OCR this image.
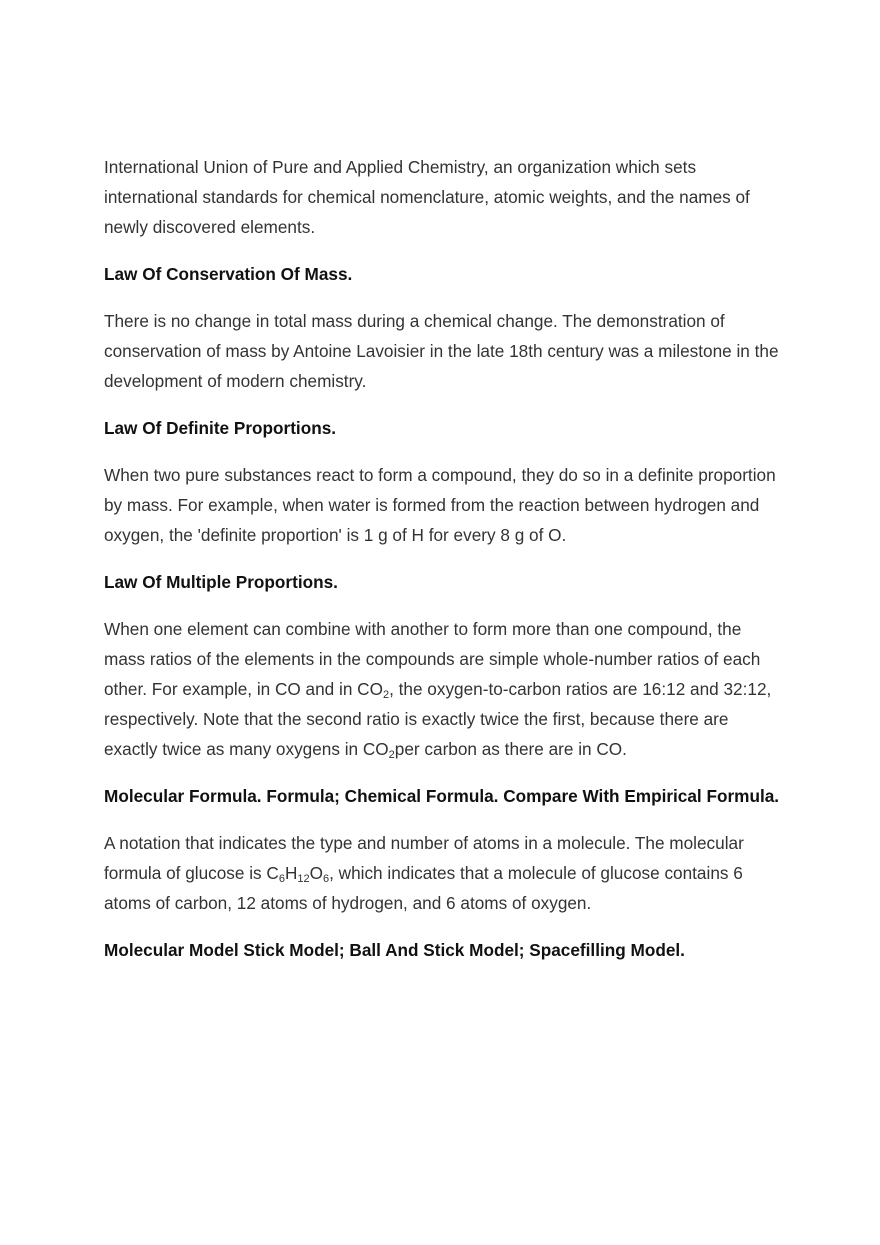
International Union of Pure and Applied Chemistry, an organization which sets international standards for chemical nomenclature, atomic weights, and the names of newly discovered elements.

Law Of Conservation Of Mass.

There is no change in total mass during a chemical change. The demonstration of conservation of mass by Antoine Lavoisier in the late 18th century was a milestone in the development of modern chemistry.

Law Of Definite Proportions.

When two pure substances react to form a compound, they do so in a definite proportion by mass. For example, when water is formed from the reaction between hydrogen and oxygen, the 'definite proportion' is 1 g of H for every 8 g of O.

Law Of Multiple Proportions.

When one element can combine with another to form more than one compound, the mass ratios of the elements in the compounds are simple whole-number ratios of each other. For example, in CO and in $CO_2$, the oxygen-to-carbon ratios are 16:12 and 32:12, respectively. Note that the second ratio is exactly twice the first, because there are exactly twice as many oxygens in $CO_2per$ carbon as there are in CO.

Molecular Formula. Formula; Chemical Formula. Compare With Empirical Formula.

A notation that indicates the type and number of atoms in a molecule. The molecular formula of glucose is $C_6H_{12}O_6$, which indicates that a molecule of glucose contains 6 atoms of carbon, 12 atoms of hydrogen, and 6 atoms of oxygen.

Molecular Model Stick Model; Ball And Stick Model; Spacefilling Model.
